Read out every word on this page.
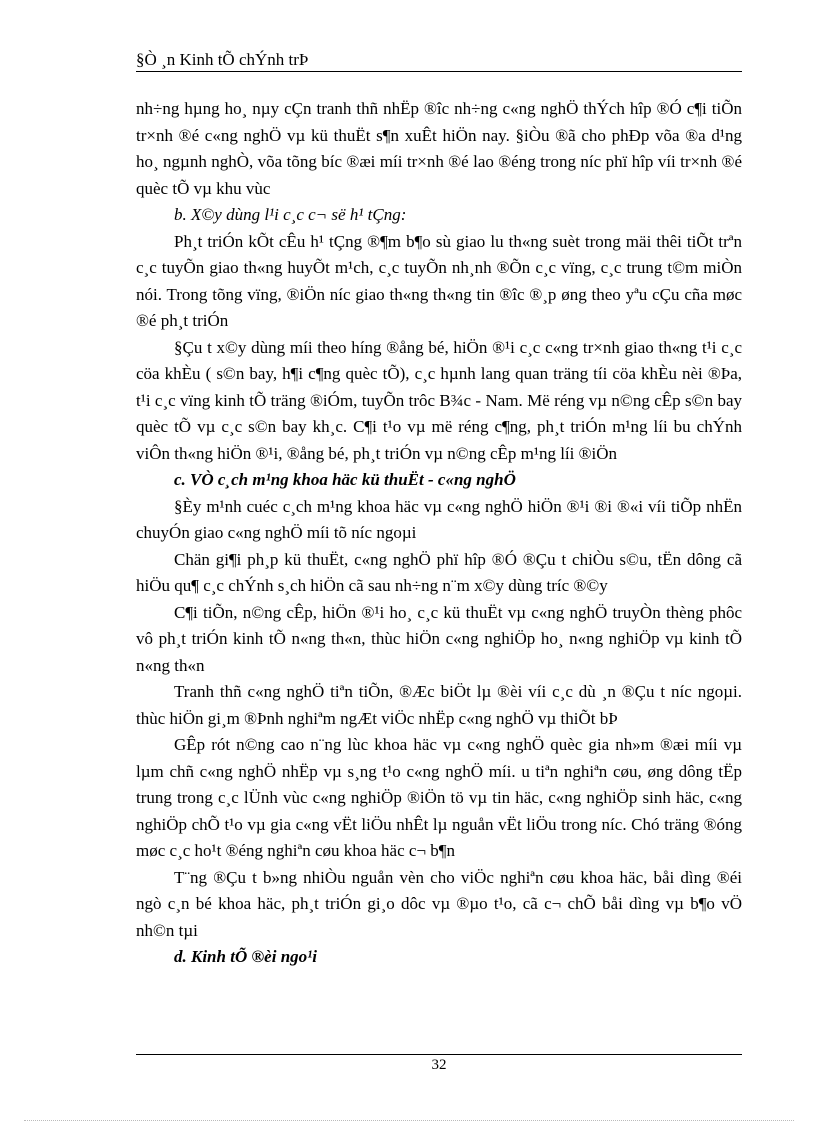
§Ò ¸n Kinh tÕ chÝnh trÞ

nh÷ng hµng ho¸ nµy cÇn tranh thñ nhËp ®îc nh÷ng c«ng nghÖ thÝch hîp ®Ó c¶i tiÕn tr×nh ®é c«ng nghÖ vµ kü thuËt s¶n xuÊt hiÖn nay. §iÒu ®ã cho phÐp võa ®a d¹ng ho¸ ngµnh nghÒ, võa tõng bíc ®æi míi tr×nh ®é lao ®éng trong níc phï hîp víi tr×nh ®é quèc tÕ vµ khu vùc

b. X©y dùng l¹i c¸c c¬ së h¹ tÇng:

Ph¸t triÓn kÕt cÊu h¹ tÇng ®¶m b¶o sù giao lu th«ng suèt trong mäi thêi tiÕt trªn c¸c tuyÕn giao th«ng huyÕt m¹ch, c¸c tuyÕn nh¸nh ®Õn c¸c vïng, c¸c trung t©m miÒn nói. Trong tõng vïng, ®iÖn níc giao th«ng th«ng tin ®îc ®¸p øng theo yªu cÇu cña møc ®é ph¸t triÓn

§Çu t x©y dùng míi theo híng ®ång bé, hiÖn ®¹i c¸c c«ng tr×nh giao th«ng t¹i c¸c cöa khÈu ( s©n bay, h¶i c¶ng quèc tÕ), c¸c hµnh lang quan träng tíi cöa khÈu nèi ®Þa, t¹i c¸c vïng kinh tÕ träng ®iÓm, tuyÕn trôc B¾c - Nam. Më réng vµ n©ng cÊp s©n bay quèc tÕ vµ c¸c s©n bay kh¸c. C¶i t¹o vµ më réng c¶ng, ph¸t triÓn m¹ng líi bu chÝnh viÔn th«ng hiÖn ®¹i, ®ång bé, ph¸t triÓn vµ n©ng cÊp m¹ng líi ®iÖn

c. VÒ c¸ch m¹ng khoa häc kü thuËt - c«ng nghÖ

§Èy m¹nh cuéc c¸ch m¹ng khoa häc vµ c«ng nghÖ hiÖn ®¹i ®i ®«i víi tiÕp nhËn chuyÓn giao c«ng nghÖ míi tõ níc ngoµi

Chän gi¶i ph¸p kü thuËt, c«ng nghÖ phï hîp ®Ó ®Çu t chiÒu s©u, tËn dông cã hiÖu qu¶ c¸c chÝnh s¸ch hiÖn cã sau nh÷ng n¨m x©y dùng tríc ®©y

C¶i tiÕn, n©ng cÊp, hiÖn ®¹i ho¸ c¸c kü thuËt vµ c«ng nghÖ truyÒn thèng phôc vô ph¸t triÓn kinh tÕ n«ng th«n, thùc hiÖn c«ng nghiÖp ho¸ n«ng nghiÖp vµ kinh tÕ n«ng th«n

Tranh thñ c«ng nghÖ tiªn tiÕn, ®Æc biÖt lµ ®èi víi c¸c dù ¸n ®Çu t níc ngoµi. thùc hiÖn gi¸m ®Þnh nghiªm ngÆt viÖc nhËp c«ng nghÖ vµ thiÕt bÞ

GÊp rót n©ng cao n¨ng lùc khoa häc vµ c«ng nghÖ quèc gia nh»m ®æi míi vµ lµm chñ c«ng nghÖ nhËp vµ s¸ng t¹o c«ng nghÖ míi. u tiªn nghiªn cøu, øng dông tËp trung trong c¸c lÜnh vùc c«ng nghiÖp ®iÖn tö vµ tin häc, c«ng nghiÖp sinh häc, c«ng nghiÖp chÕ t¹o vµ gia c«ng vËt liÖu nhÊt lµ nguån vËt liÖu trong níc. Chó träng ®óng møc c¸c ho¹t ®éng nghiªn cøu khoa häc c¬ b¶n

T¨ng ®Çu t b»ng nhiÒu nguån vèn cho viÖc nghiªn cøu khoa häc, båi dìng ®éi ngò c¸n bé khoa häc, ph¸t triÓn gi¸o dôc vµ ®µo t¹o, cã c¬ chÕ båi dìng vµ b¶o vÖ nh©n tµi

d. Kinh tÕ ®èi ngo¹i

32
